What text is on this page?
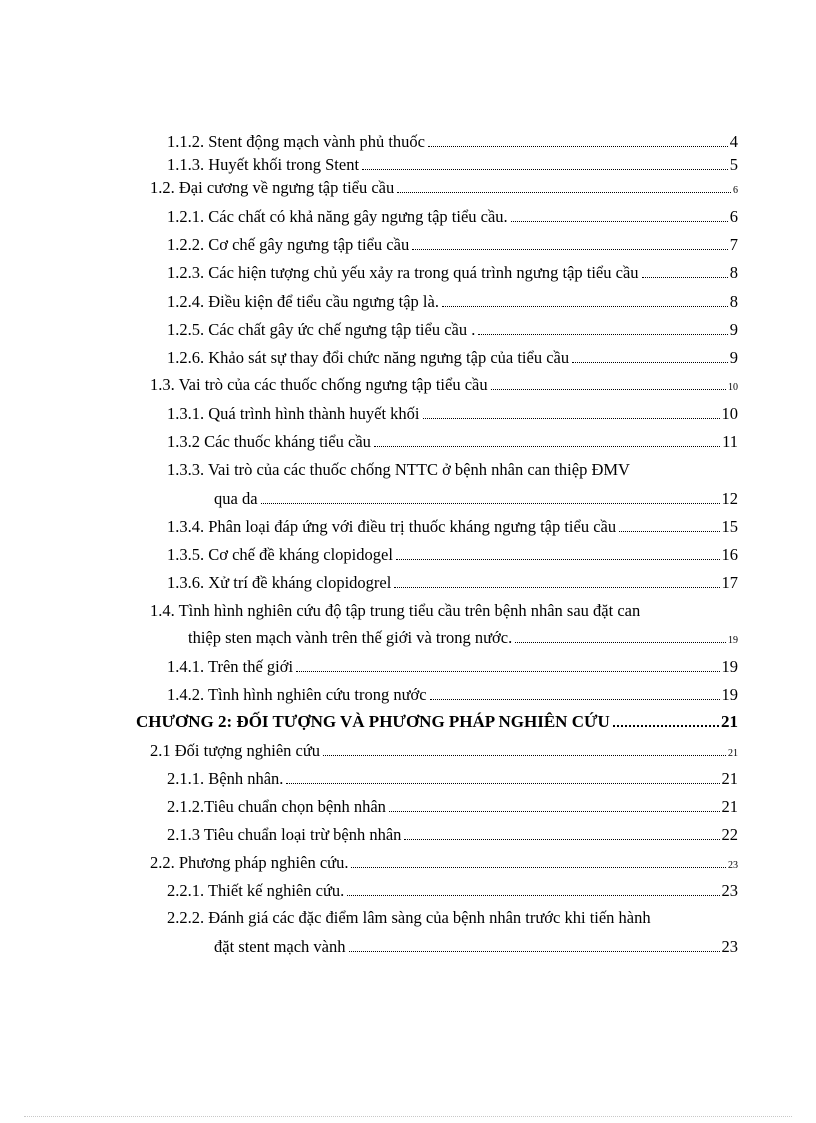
1.1.2. Stent động mạch vành phủ thuốc	4
1.1.3. Huyết khối trong Stent	5
1.2. Đại cương về ngưng tập tiểu cầu	6
1.2.1. Các chất có khả năng gây ngưng tập tiểu cầu.	6
1.2.2. Cơ chế gây ngưng tập tiểu cầu	7
1.2.3. Các hiện tượng chủ yếu xảy ra trong quá trình ngưng tập tiểu cầu	8
1.2.4. Điều kiện để tiểu cầu ngưng tập là.	8
1.2.5. Các chất gây ức chế ngưng tập tiểu cầu .	9
1.2.6. Khảo sát sự thay đổi chức năng ngưng tập của tiểu cầu	9
1.3. Vai trò của các thuốc chống ngưng tập tiểu cầu	10
1.3.1. Quá trình hình thành huyết khối	10
1.3.2 Các thuốc kháng tiểu cầu	11
1.3.3. Vai trò của các thuốc chống NTTC ở bệnh nhân can thiệp ĐMV
qua da	12
1.3.4. Phân loại đáp ứng với điều trị thuốc kháng ngưng tập tiểu cầu	15
1.3.5. Cơ chế đề kháng clopidogel	16
1.3.6. Xử trí đề kháng clopidogrel	17
1.4. Tình hình nghiên cứu độ tập trung tiểu cầu trên bệnh nhân sau đặt can
thiệp sten mạch vành trên thế giới và trong nước.	19
1.4.1. Trên thế giới	19
1.4.2. Tình hình nghiên cứu trong nước	19
CHƯƠNG 2: ĐỐI TƯỢNG VÀ PHƯƠNG PHÁP NGHIÊN CỨU	21
2.1 Đối tượng nghiên cứu	21
2.1.1. Bệnh nhân.	21
2.1.2.Tiêu chuẩn chọn bệnh nhân	21
2.1.3 Tiêu chuẩn loại trừ bệnh nhân	22
2.2. Phương pháp nghiên cứu.	23
2.2.1. Thiết kế nghiên cứu.	23
2.2.2. Đánh giá các đặc điểm lâm sàng của bệnh nhân trước khi tiến hành
đặt stent mạch vành	23
